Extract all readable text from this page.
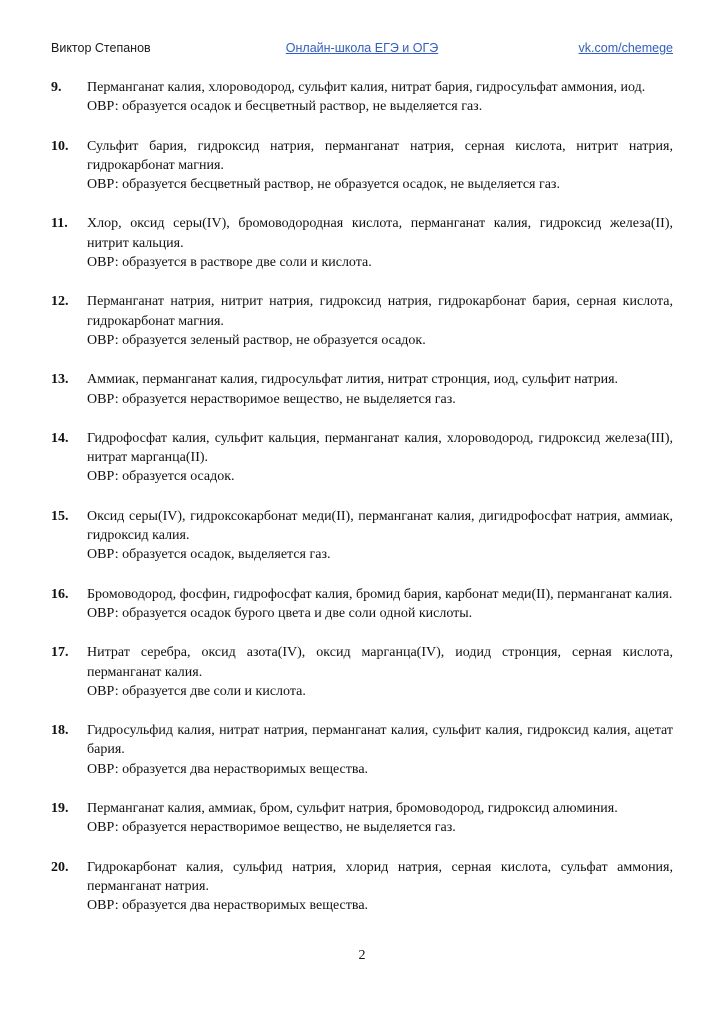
Виктор Степанов	Онлайн-школа ЕГЭ и ОГЭ	vk.com/chemege
9. Перманганат калия, хлороводород, сульфит калия, нитрат бария, гидросульфат аммония, иод.
ОВР: образуется осадок и бесцветный раствор, не выделяется газ.
10. Сульфит бария, гидроксид натрия, перманганат натрия, серная кислота, нитрит натрия, гидрокарбонат магния.
ОВР: образуется бесцветный раствор, не образуется осадок, не выделяется газ.
11. Хлор, оксид серы(IV), бромоводородная кислота, перманганат калия, гидроксид железа(II), нитрит кальция.
ОВР: образуется в растворе две соли и кислота.
12. Перманганат натрия, нитрит натрия, гидроксид натрия, гидрокарбонат бария, серная кислота, гидрокарбонат магния.
ОВР: образуется зеленый раствор, не образуется осадок.
13. Аммиак, перманганат калия, гидросульфат лития, нитрат стронция, иод, сульфит натрия.
ОВР: образуется нерастворимое вещество, не выделяется газ.
14. Гидрофосфат калия, сульфит кальция, перманганат калия, хлороводород, гидроксид железа(III), нитрат марганца(II).
ОВР: образуется осадок.
15. Оксид серы(IV), гидроксокарбонат меди(II), перманганат калия, дигидрофосфат натрия, аммиак, гидроксид калия.
ОВР: образуется осадок, выделяется газ.
16. Бромоводород, фосфин, гидрофосфат калия, бромид бария, карбонат меди(II), перманганат калия.
ОВР: образуется осадок бурого цвета и две соли одной кислоты.
17. Нитрат серебра, оксид азота(IV), оксид марганца(IV), иодид стронция, серная кислота, перманганат калия.
ОВР: образуется две соли и кислота.
18. Гидросульфид калия, нитрат натрия, перманганат калия, сульфит калия, гидроксид калия, ацетат бария.
ОВР: образуется два нерастворимых вещества.
19. Перманганат калия, аммиак, бром, сульфит натрия, бромоводород, гидроксид алюминия.
ОВР: образуется нерастворимое вещество, не выделяется газ.
20. Гидрокарбонат калия, сульфид натрия, хлорид натрия, серная кислота, сульфат аммония, перманганат натрия.
ОВР: образуется два нерастворимых вещества.
2
